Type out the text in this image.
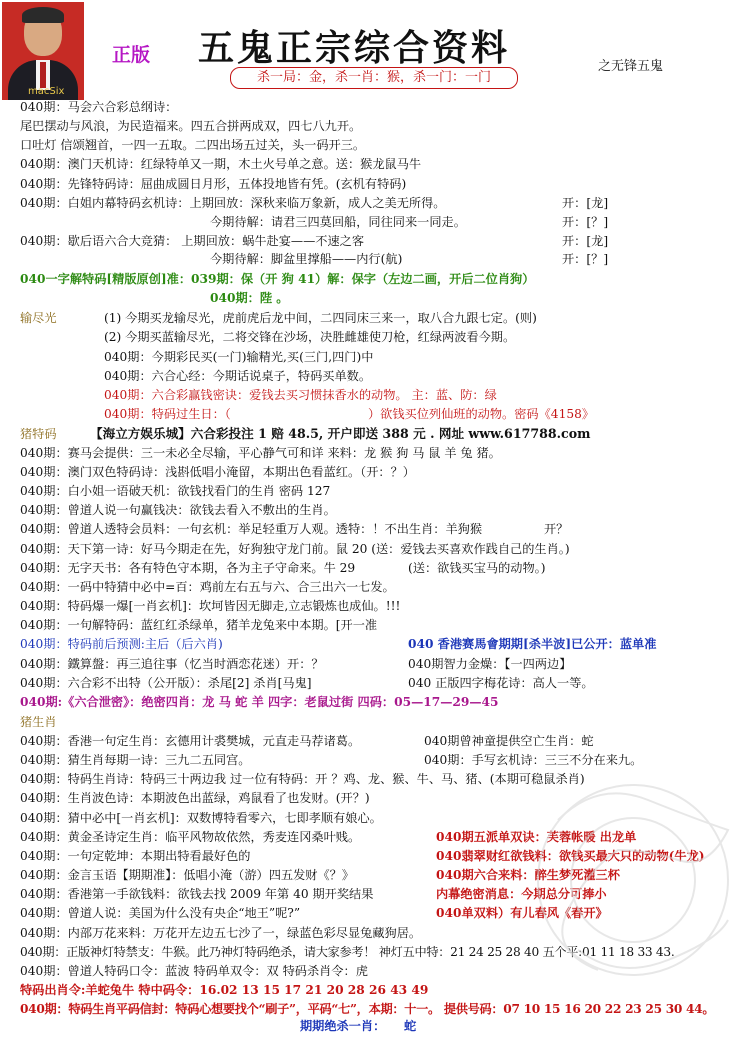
macSix
正版 五鬼正宗综合资料	之无锋五鬼
杀一局：金，杀一肖：猴，杀一门：一门
040期：马会六合彩总纲诗：
尾巴摆动与风浪，为民造福来。四五合拼两成双，四七八九开。
口吐灯 信颂翘首，一四一五取。二四出场五过关，头一码开三。
040期：澳门天机诗：红绿特单又一期，木土火号单之意。送：猴龙鼠马牛
040期：先锋特码诗：屈曲成圆日月形，五体投地皆有凭。(玄机有特码)
040期：白姐内幕特码玄机诗：上期回放：深秋来临万象新，成人之美无所得。	开：[龙]
今期待解：请君三四莫回船，同往同来一同走。	开：[？]
040期：歇后语六合大竞猜： 上期回放：蜗牛赴宴——不速之客	开：[龙]
今期待解：脚盆里撑船——内行(航)	开：[？]
040一字解特码[精版原创]准：039期：保（开 狗 41）解：保字（左边二画，开后二位肖狗）
040期：陛 。
输尽光	(1) 今期买龙输尽光，虎前虎后龙中间，二四同床三来一，取八合九跟七定。(则)
(2) 今期买蓝输尽光，二将交锋在沙场，决胜雌雄使刀枪，红绿两波看今期。
040期：今期彩民买(一门)输精光,买(三门,四门)中
040期：六合心经：今期话说桌子，特码买单数。
040期：六合彩赢钱密诀：爱钱去买习惯抹香水的动物。 主：蓝、防：绿
040期：特码过生日：（	）欲钱买位列仙班的动物。密码《4158》
猪特码	【海立方娱乐城】六合彩投注 1 赔 48.5, 开户即送 388 元 . 网址 www.617788.com
040期：赛马会提供：三一未必全尽输，平心静气可和详 来料：龙 猴 狗 马 鼠 羊 兔 猪。
040期：澳门双色特码诗：浅斟低唱小淹留，本期出色看蓝红。（开：？）
040期：白小姐一语破天机：欲钱找看门的生肖 密码 127
040期：曾道人说一句赢钱决：欲钱去看入不敷出的生肖。
040期：曾道人透特会员料：一句玄机：举足轻重万人观。透特：！不出生肖：羊狗猴	开？
040期：天下第一诗：好马今期走在先，好狗独守龙门前。鼠 20 (送：爱钱去买喜欢作践自己的生肖。)
040期：无字天书：各有特色守本期，各为主子守命来。牛 29	(送：欲钱买宝马的动物。)
040期：一码中特猜中必中=百：鸡前左右五与六、合三出六一七发。
040期：特码爆一爆[一肖玄机]：坎坷皆因无脚走,立志锻炼也成仙。!!!
040期：一句解特码：蓝红红杀绿单，猪羊龙兔来中本期。[开一准
040期：特码前后预测:主后（后六肖)	040 香港赛馬會期期[杀半波]已公开：蓝单准
040期：鐵算盤：再三追往事（忆当时酒恋花迷）开：？	040期智力金燥：【一四两边】
040期：六合彩不出特（公开版）：杀尾[2] 杀肖[马鬼]	040 正版四字梅花诗：高人一等。
040期:《六合泄密》：绝密四肖：龙 马 蛇 羊 四字：老鼠过街 四码：05—17—29—45
猪生肖
040期：香港一句定生肖：玄德用计裘樊城，元直走马荐诸葛。	040期曾神童提供空亡生肖：蛇
040期：猜生肖每期一诗：三九二五同宫。	040期：手写玄机诗：三三不分在来九。
040期：特码生肖诗：特码三十两边我 过一位有特码：开 ？鸡、龙、猴、牛、马、猪、(本期可稳鼠杀肖)
040期：生肖波色诗：本期波色出蓝绿，鸡鼠看了也发财。(开？)
040期：猜中必中[一肖玄机]：双数博特看零六，七即孝顺有娘心。
040期：黄金圣诗定生肖：临平风物故依然，秀麦连冈桑叶贱。	040期五派单双诀：芙蓉帐暖 出龙单
040期：一句定乾坤：本期出特看最好色的	040翡翠财红欲钱料：欲钱买最大只的动物(牛龙)
040期：金言玉语【期期准】：低唱小淹（游）四五发财《？》	040期六合来料：醉生梦死灌三杯
040期：香港第一手欲钱料：欲钱去找 2009 年第 40 期开奖结果	内幕绝密消息：今期总分可捧小
040期：曾道人说：美国为什么没有央企“地王”呢?”	040单双料）有儿春风《春开》
040期：内部万花来料：万花开左边五七沙了一，绿蓝色彩尽显兔藏狗居。
040期：正版神灯特禁支：牛猴。此乃神灯特码绝杀，请大家参考！ 神灯五中特：21 24 25 28 40 五个平:01 11 18 33 43.
040期：曾道人特码口令：蓝波 特码单双令：双 特码杀肖令：虎
特码出肖令:羊蛇兔牛 特中码令：16.02 13 15 17 21 20 28 26 43 49
040期：特码生肖平码信封：特码心想要找个“刷子”，平码“七”，本期：十一。 提供号码：07 10 15 16 20 22 23 25 30 44。
期期绝杀一肖： 蛇
